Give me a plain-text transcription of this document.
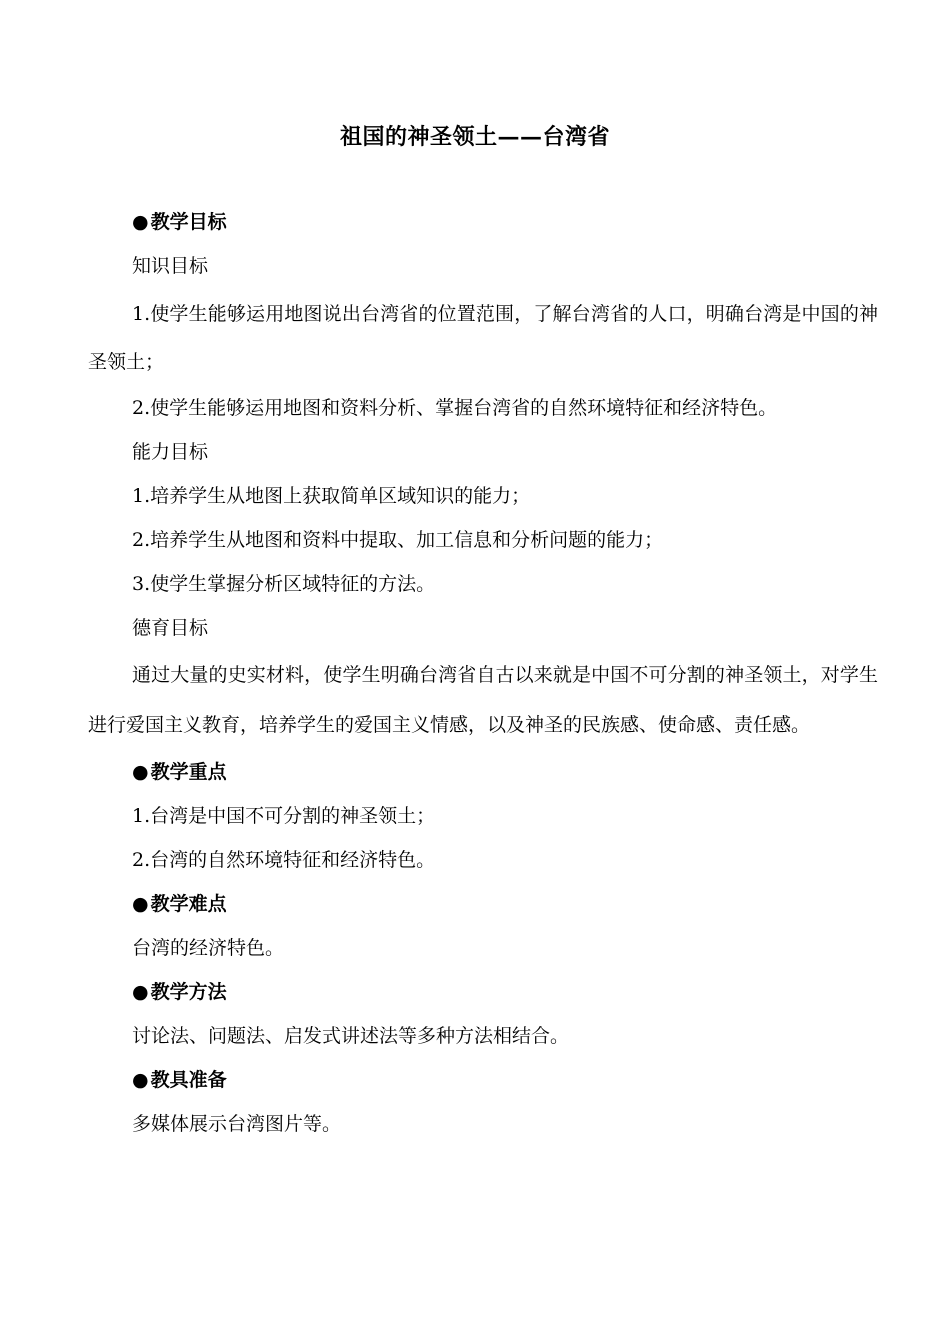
祖国的神圣领土——台湾省

● 教学目标

知识目标

1.使学生能够运用地图说出台湾省的位置范围，了解台湾省的人口，明确台湾是中国的神圣领土；

2.使学生能够运用地图和资料分析、掌握台湾省的自然环境特征和经济特色。

能力目标

1.培养学生从地图上获取简单区域知识的能力；

2.培养学生从地图和资料中提取、加工信息和分析问题的能力；

3.使学生掌握分析区域特征的方法。

德育目标

通过大量的史实材料，使学生明确台湾省自古以来就是中国不可分割的神圣领土，对学生进行爱国主义教育，培养学生的爱国主义情感，以及神圣的民族感、使命感、责任感。

● 教学重点

1.台湾是中国不可分割的神圣领土；

2.台湾的自然环境特征和经济特色。

● 教学难点

台湾的经济特色。

● 教学方法

讨论法、问题法、启发式讲述法等多种方法相结合。

● 教具准备

多媒体展示台湾图片等。
